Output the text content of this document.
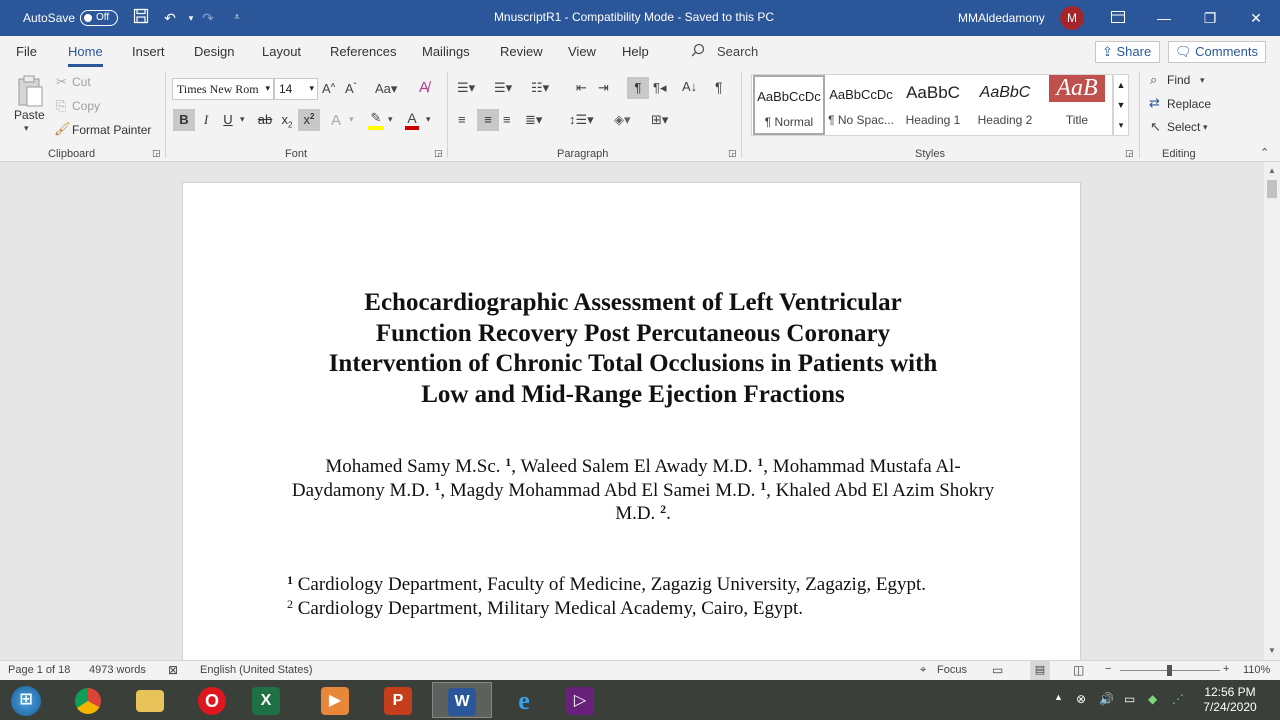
AutoSave Off	↶	▾ ↷	⩡	MnuscriptR1 - Compatibility Mode - Saved to this PC	MMAldedamony	M	—	❐	✕
File Home Insert Design Layout References Mailings Review View Help	Search	⇪ Share	🗨 Comments
Paste
▾
✂ Cut
⎘ Copy
🖌 Format Painter
Clipboard	◲
Times New Rom ▾ 14 ▾ A^ $A^ˇ$ Aa▾ A̸
B	I	U ▾ ab $x_2$ $x^2$	A ▾ ✎ ▾ A ▾
Font	◲
☰▾ ☰▾ ☷▾ ⇤ ⇥	¶ ¶◂ A↓ ¶
≡	≡ ≡ ≣▾ ↕☰▾ ◈▾ ⊞▾
Paragraph	◲
AaBbCcDc
¶ Normal
AaBbCcDc
¶ No Spac...
AaBbC
Heading 1
AaBbC
Heading 2
AaB
Title
▲
▼
▾
Styles	◲
⌕ Find ▾
⇄ Replace
↖ Select ▾
Editing	⌃
Echocardiographic Assessment of Left Ventricular
Function Recovery Post Percutaneous Coronary
Intervention of Chronic Total Occlusions in Patients with
Low and Mid-Range Ejection Fractions
Mohamed Samy M.Sc. $^1$, Waleed Salem El Awady M.D. $^1$, Mohammad Mustafa Al-Daydamony M.D. $^1$, Magdy Mohammad Abd El Samei M.D. $^1$, Khaled Abd El Azim Shokry M.D. $^2$.
$^1$ Cardiology Department, Faculty of Medicine, Zagazig University, Zagazig, Egypt.
$^2$ Cardiology Department, Military Medical Academy, Cairo, Egypt.
▲
▼
Page 1 of 18 4973 words ⊠ English (United States)	⌖ Focus ▭	▤	◫ −	+ 110%
⊞	O	X	▶	P	W	e	▷	▲ ⊗ 🔊 ▭ ◆ ⋰	12:56 PM
7/24/2020
